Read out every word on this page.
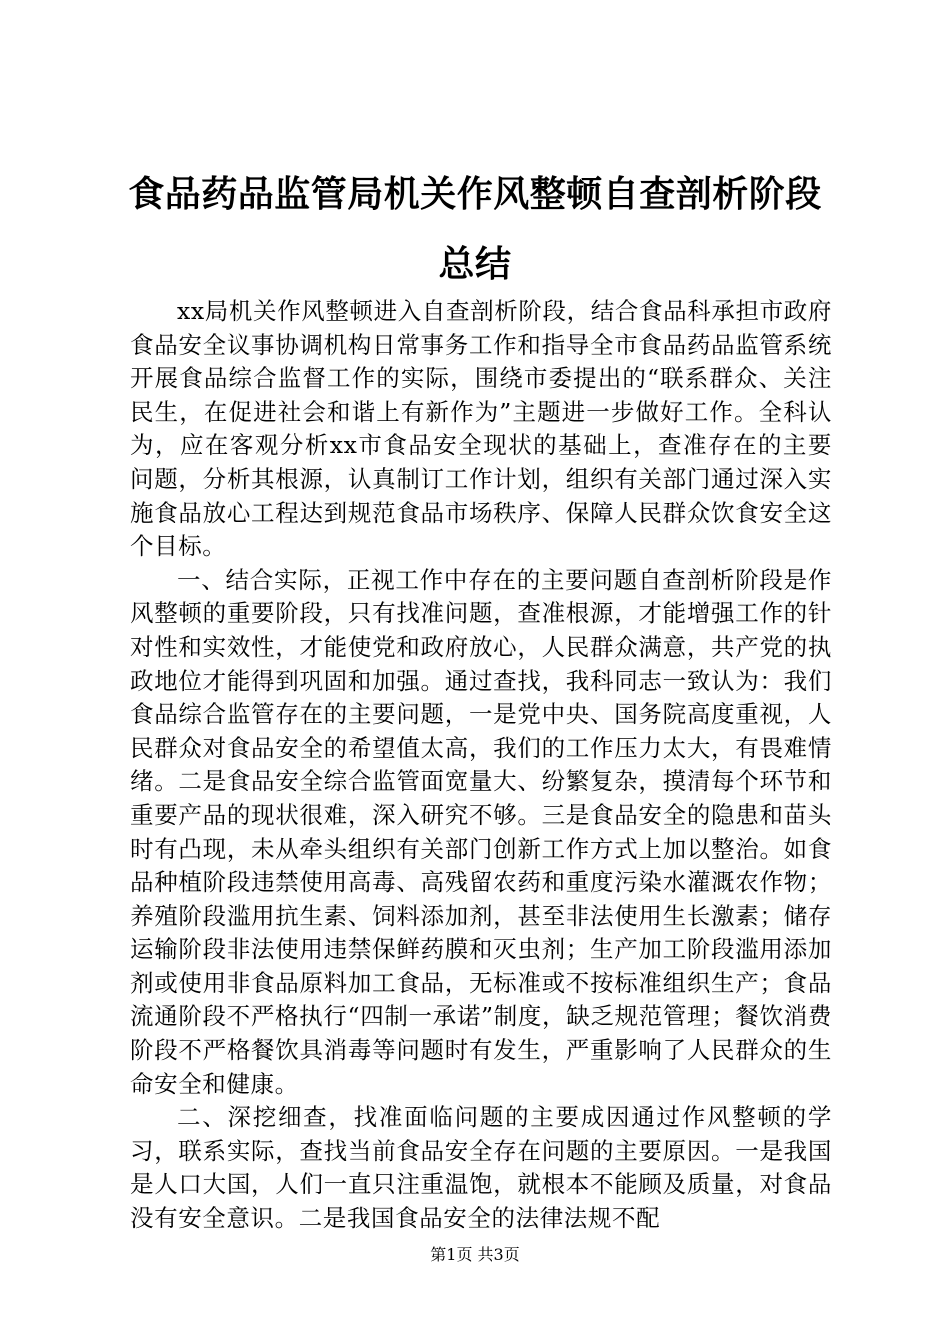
食品药品监管局机关作风整顿自查剖析阶段总结

xx局机关作风整顿进入自查剖析阶段，结合食品科承担市政府食品安全议事协调机构日常事务工作和指导全市食品药品监管系统开展食品综合监督工作的实际，围绕市委提出的“联系群众、关注民生，在促进社会和谐上有新作为”主题进一步做好工作。全科认为，应在客观分析xx市食品安全现状的基础上，查准存在的主要问题，分析其根源，认真制订工作计划，组织有关部门通过深入实施食品放心工程达到规范食品市场秩序、保障人民群众饮食安全这个目标。

一、结合实际，正视工作中存在的主要问题自查剖析阶段是作风整顿的重要阶段，只有找准问题，查准根源，才能增强工作的针对性和实效性，才能使党和政府放心，人民群众满意，共产党的执政地位才能得到巩固和加强。通过查找，我科同志一致认为：我们食品综合监管存在的主要问题，一是党中央、国务院高度重视，人民群众对食品安全的希望值太高，我们的工作压力太大，有畏难情绪。二是食品安全综合监管面宽量大、纷繁复杂，摸清每个环节和重要产品的现状很难，深入研究不够。三是食品安全的隐患和苗头时有凸现，未从牵头组织有关部门创新工作方式上加以整治。如食品种植阶段违禁使用高毒、高残留农药和重度污染水灌溉农作物；养殖阶段滥用抗生素、饲料添加剂，甚至非法使用生长激素；储存运输阶段非法使用违禁保鲜药膜和灭虫剂；生产加工阶段滥用添加剂或使用非食品原料加工食品，无标准或不按标准组织生产；食品流通阶段不严格执行“四制一承诺”制度，缺乏规范管理；餐饮消费阶段不严格餐饮具消毒等问题时有发生，严重影响了人民群众的生命安全和健康。

二、深挖细查，找准面临问题的主要成因通过作风整顿的学习，联系实际，查找当前食品安全存在问题的主要原因。一是我国是人口大国，人们一直只注重温饱，就根本不能顾及质量，对食品没有安全意识。二是我国食品安全的法律法规不配

第1页 共3页
